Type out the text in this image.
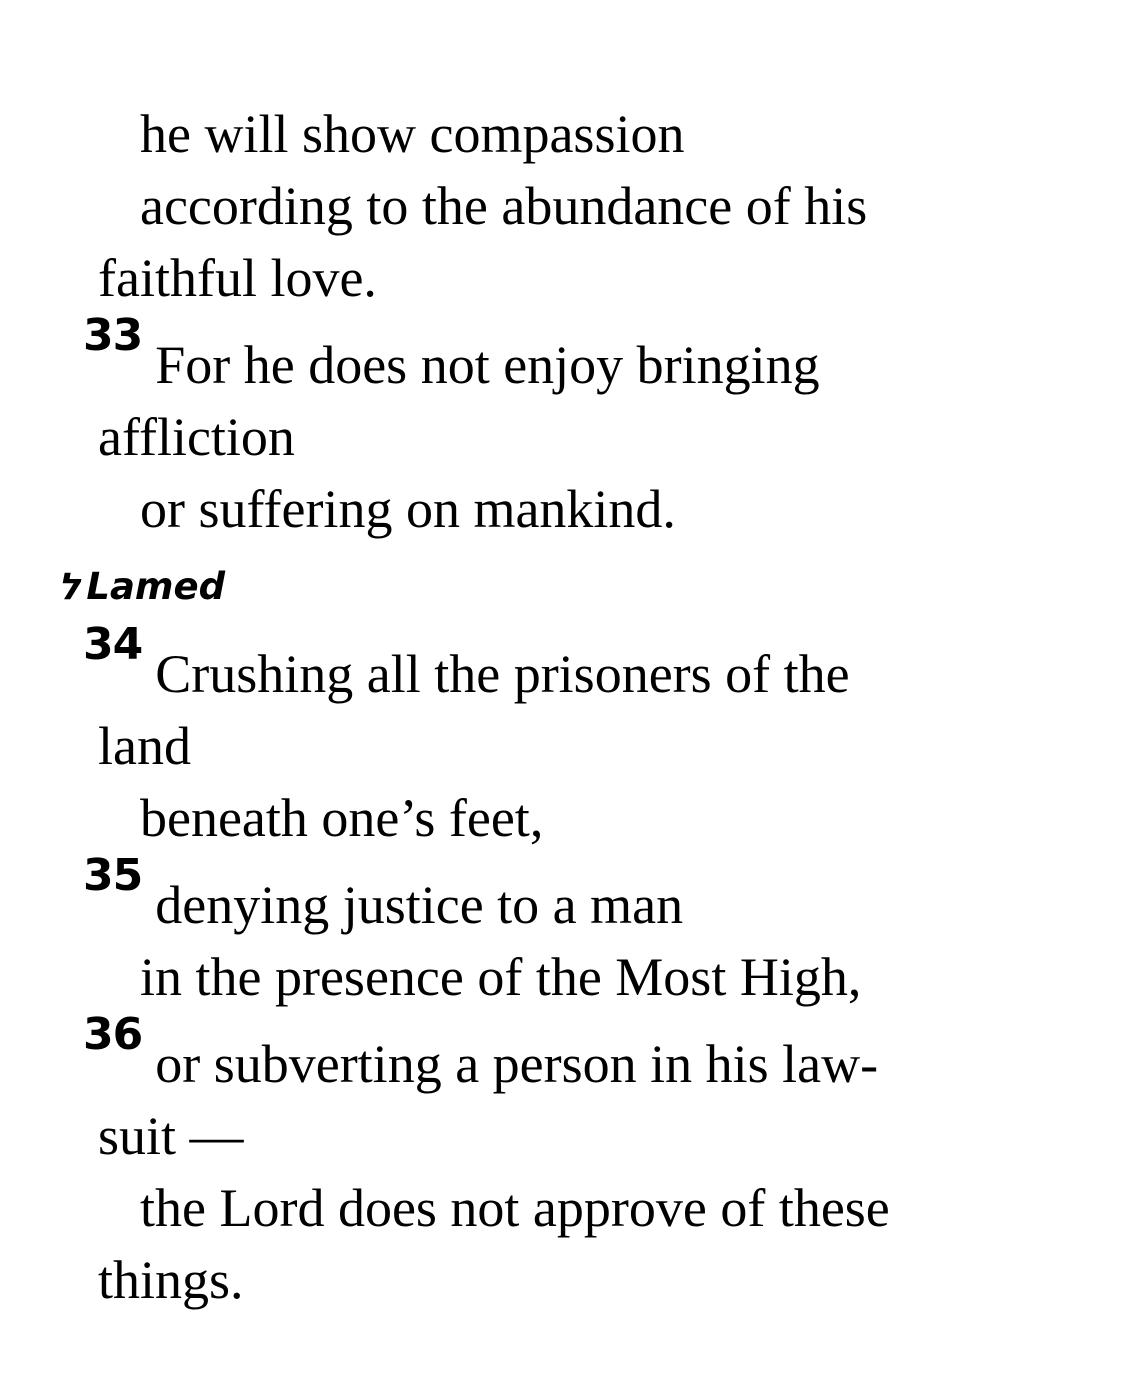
he will show compassion
according to the abundance of his
faithful love.
$^{33}$ For he does not enjoy bringing
affliction
or suffering on mankind.
ל Lamed
$^{34}$ Crushing all the prisoners of the
land
beneath one’s feet,
$^{35}$ denying justice to a man
in the presence of the Most High,
$^{36}$ or subverting a person in his law-
suit —
the Lord does not approve of these
things.
